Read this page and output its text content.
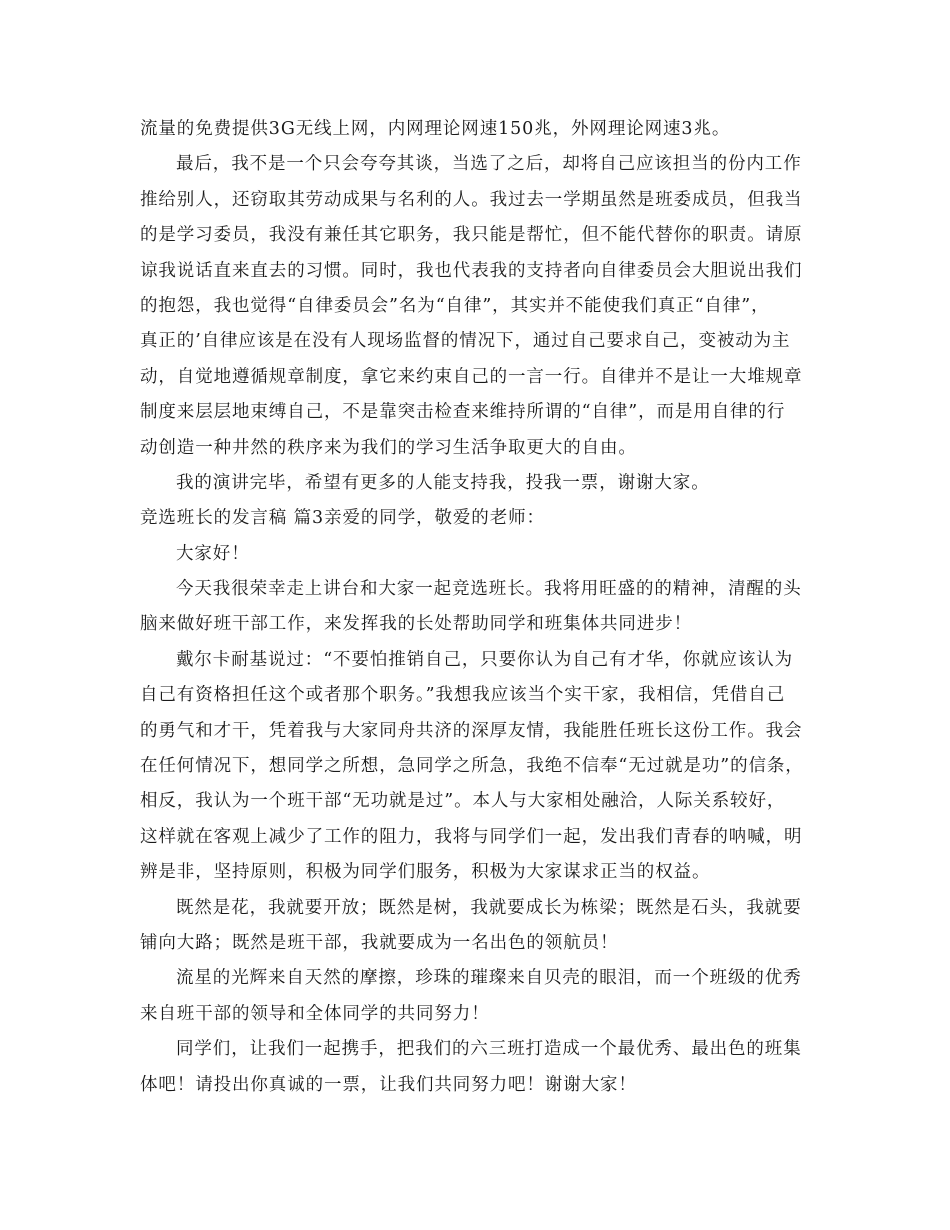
流量的免费提供3G无线上网，内网理论网速150兆，外网理论网速3兆。
最后，我不是一个只会夸夸其谈，当选了之后，却将自己应该担当的份内工作
推给别人，还窃取其劳动成果与名利的人。我过去一学期虽然是班委成员，但我当
的是学习委员，我没有兼任其它职务，我只能是帮忙，但不能代替你的职责。请原
谅我说话直来直去的习惯。同时，我也代表我的支持者向自律委员会大胆说出我们
的抱怨，我也觉得“自律委员会”名为“自律”，其实并不能使我们真正“自律”，
真正的’自律应该是在没有人现场监督的情况下，通过自己要求自己，变被动为主
动，自觉地遵循规章制度，拿它来约束自己的一言一行。自律并不是让一大堆规章
制度来层层地束缚自己，不是靠突击检查来维持所谓的“自律”，而是用自律的行
动创造一种井然的秩序来为我们的学习生活争取更大的自由。
我的演讲完毕，希望有更多的人能支持我，投我一票，谢谢大家。
竞选班长的发言稿 篇3亲爱的同学，敬爱的老师：
大家好！
今天我很荣幸走上讲台和大家一起竞选班长。我将用旺盛的的精神，清醒的头
脑来做好班干部工作，来发挥我的长处帮助同学和班集体共同进步！
戴尔卡耐基说过：“不要怕推销自己，只要你认为自己有才华，你就应该认为
自己有资格担任这个或者那个职务。”我想我应该当个实干家，我相信，凭借自己
的勇气和才干，凭着我与大家同舟共济的深厚友情，我能胜任班长这份工作。我会
在任何情况下，想同学之所想，急同学之所急，我绝不信奉“无过就是功”的信条，
相反，我认为一个班干部“无功就是过”。本人与大家相处融洽，人际关系较好，
这样就在客观上减少了工作的阻力，我将与同学们一起，发出我们青春的呐喊，明
辨是非，坚持原则，积极为同学们服务，积极为大家谋求正当的权益。
既然是花，我就要开放；既然是树，我就要成长为栋梁；既然是石头，我就要
铺向大路；既然是班干部，我就要成为一名出色的领航员！
流星的光辉来自天然的摩擦，珍珠的璀璨来自贝壳的眼泪，而一个班级的优秀
来自班干部的领导和全体同学的共同努力！
同学们，让我们一起携手，把我们的六三班打造成一个最优秀、最出色的班集
体吧！请投出你真诚的一票，让我们共同努力吧！谢谢大家！
